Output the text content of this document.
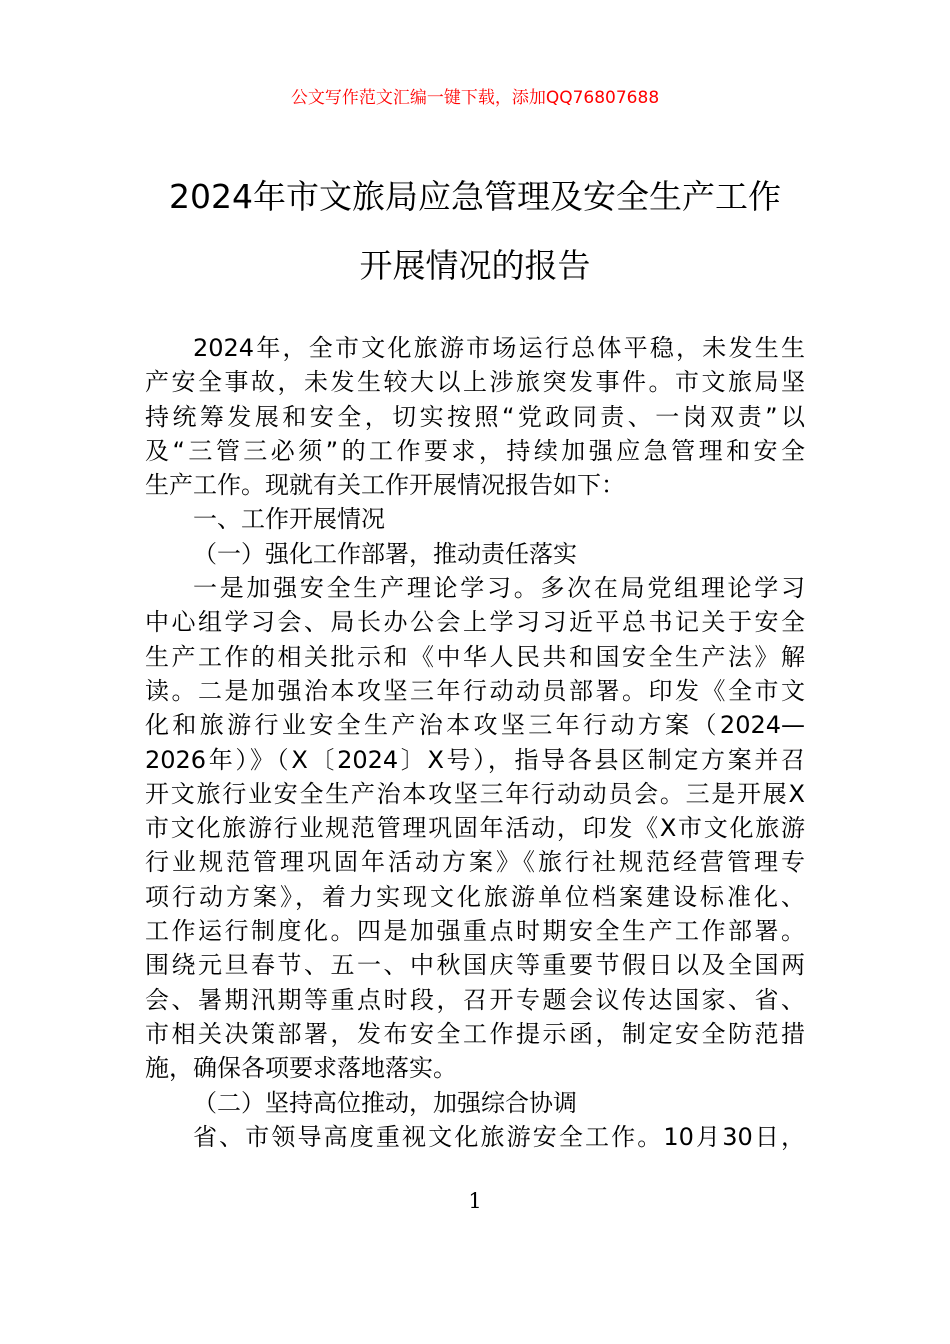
公文写作范文汇编一键下载，添加QQ76807688
2024年市文旅局应急管理及安全生产工作
开展情况的报告
2024年，全市文化旅游市场运行总体平稳，未发生生
产安全事故，未发生较大以上涉旅突发事件。市文旅局坚
持统筹发展和安全，切实按照“党政同责、一岗双责”以
及“三管三必须”的工作要求，持续加强应急管理和安全
生产工作。现就有关工作开展情况报告如下：
一、工作开展情况
（一）强化工作部署，推动责任落实
一是加强安全生产理论学习。多次在局党组理论学习
中心组学习会、局长办公会上学习习近平总书记关于安全
生产工作的相关批示和《中华人民共和国安全生产法》解
读。二是加强治本攻坚三年行动动员部署。印发《全市文
化和旅游行业安全生产治本攻坚三年行动方案（2024—
2026年）》（X〔2024〕X号），指导各县区制定方案并召
开文旅行业安全生产治本攻坚三年行动动员会。三是开展X
市文化旅游行业规范管理巩固年活动，印发《X市文化旅游
行业规范管理巩固年活动方案》《旅行社规范经营管理专
项行动方案》，着力实现文化旅游单位档案建设标准化、
工作运行制度化。四是加强重点时期安全生产工作部署。
围绕元旦春节、五一、中秋国庆等重要节假日以及全国两
会、暑期汛期等重点时段，召开专题会议传达国家、省、
市相关决策部署，发布安全工作提示函，制定安全防范措
施，确保各项要求落地落实。
（二）坚持高位推动，加强综合协调
省、市领导高度重视文化旅游安全工作。10月30日，
1
